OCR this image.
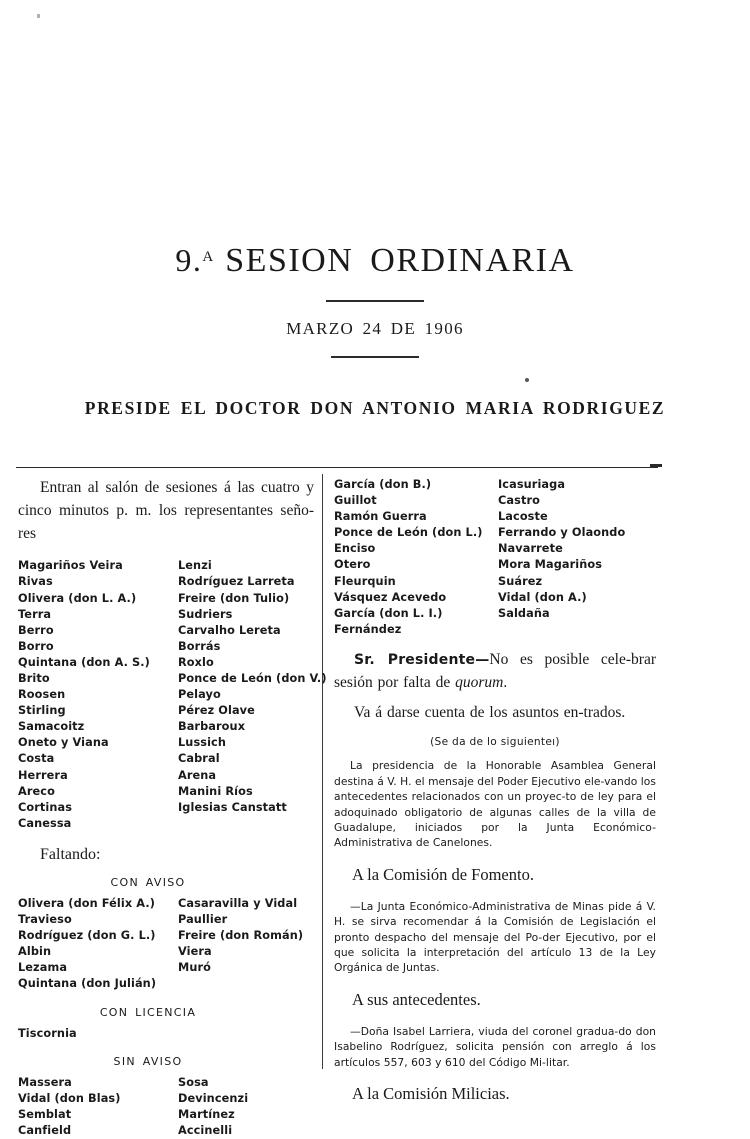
9.$^A$ SESION ORDINARIA
MARZO 24 DE 1906
PRESIDE EL DOCTOR DON ANTONIO MARIA RODRIGUEZ

Entran al salón de sesiones á las cuatro y cinco minutos p. m. los representantes seño-res

Magariños Veira
Rivas
Olivera (don L. A.)
Terra
Berro
Borro
Quintana (don A. S.)
Brito
Roosen
Stirling
Samacoitz
Oneto y Viana
Costa
Herrera
Areco
Cortinas
Canessa
Lenzi
Rodríguez Larreta
Freire (don Tulio)
Sudriers
Carvalho Lereta
Borrás
Roxlo
Ponce de León (don V.)
Pelayo
Pérez Olave
Barbaroux
Lussich
Cabral
Arena
Manini Ríos
Iglesias Canstatt
Faltando:
CON AVISO
Olivera (don Félix A.)
Travieso
Rodríguez (don G. L.)
Albin
Lezama
Quintana (don Julián)
Casaravilla y Vidal
Paullier
Freire (don Román)
Viera
Muró
CON LICENCIA
Tiscornia
SIN AVISO
Massera
Vidal (don Blas)
Semblat
Canfield
Sosa
Devincenzi
Martínez
Accinelli
García (don B.)
Guillot
Ramón Guerra
Ponce de León (don L.)
Enciso
Otero
Fleurquin
Vásquez Acevedo
García (don L. I.)
Fernández
Icasuriaga
Castro
Lacoste
Ferrando y Olaondo
Navarrete
Mora Magariños
Suárez
Vidal (don A.)
Saldaña

Sr. Presidente—No es posible cele-brar sesión por falta de quorum.

Va á darse cuenta de los asuntos en-trados.

(Se da de lo siguienteı)

La presidencia de la Honorable Asamblea General destina á V. H. el mensaje del Poder Ejecutivo ele-vando los antecedentes relacionados con un proyec-to de ley para el adoquinado obligatorio de algunas calles de la villa de Guadalupe, iniciados por la Junta Económico-Administrativa de Canelones.

A la Comisión de Fomento.

—La Junta Económico-Administrativa de Minas pide á V. H. se sirva recomendar á la Comisión de Legislación el pronto despacho del mensaje del Po-der Ejecutivo, por el que solicita la interpretación del artículo 13 de la Ley Orgánica de Juntas.

A sus antecedentes.

—Doña Isabel Larriera, viuda del coronel gradua-do don Isabelino Rodríguez, solicita pensión con arreglo á los artículos 557, 603 y 610 del Código Mi-litar.

A la Comisión Milicias.
